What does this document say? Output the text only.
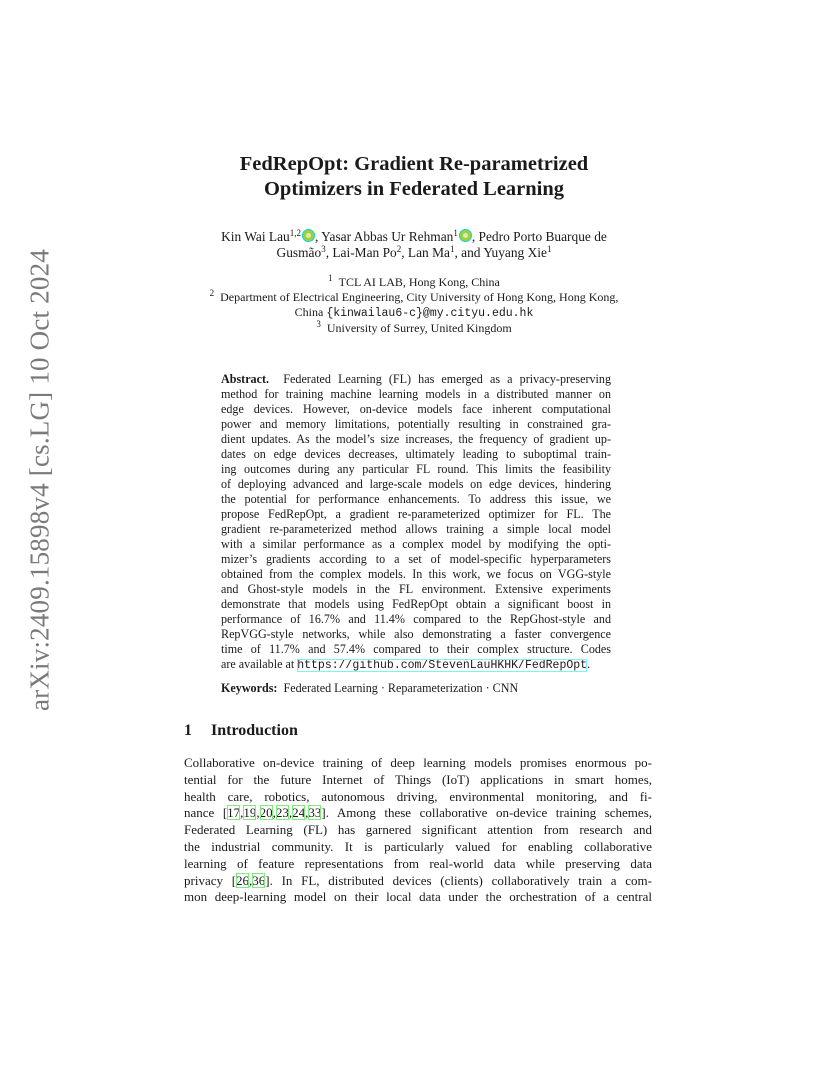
arXiv:2409.15898v4 [cs.LG] 10 Oct 2024
FedRepOpt: Gradient Re-parametrized
Optimizers in Federated Learning
Kin Wai Lau$^{1,2}$ , Yasar Abbas Ur Rehman$^1$ , Pedro Porto Buarque de
Gusmão$^3$, Lai-Man Po$^2$, Lan Ma$^1$, and Yuyang Xie$^1$
$^1$ TCL AI LAB, Hong Kong, China
$^2$ Department of Electrical Engineering, City University of Hong Kong, Hong Kong,
China {kinwailau6-c}@my.cityu.edu.hk
$^3$ University of Surrey, United Kingdom
Abstract. Federated Learning (FL) has emerged as a privacy-preserving
method for training machine learning models in a distributed manner on
edge devices. However, on-device models face inherent computational
power and memory limitations, potentially resulting in constrained gra-
dient updates. As the model’s size increases, the frequency of gradient up-
dates on edge devices decreases, ultimately leading to suboptimal train-
ing outcomes during any particular FL round. This limits the feasibility
of deploying advanced and large-scale models on edge devices, hindering
the potential for performance enhancements. To address this issue, we
propose FedRepOpt, a gradient re-parameterized optimizer for FL. The
gradient re-parameterized method allows training a simple local model
with a similar performance as a complex model by modifying the opti-
mizer’s gradients according to a set of model-specific hyperparameters
obtained from the complex models. In this work, we focus on VGG-style
and Ghost-style models in the FL environment. Extensive experiments
demonstrate that models using FedRepOpt obtain a significant boost in
performance of 16.7% and 11.4% compared to the RepGhost-style and
RepVGG-style networks, while also demonstrating a faster convergence
time of 11.7% and 57.4% compared to their complex structure. Codes
are available at https://github.com/StevenLauHKHK/FedRepOpt.
Keywords: Federated Learning · Reparameterization · CNN
1 Introduction
Collaborative on-device training of deep learning models promises enormous po-
tential for the future Internet of Things (IoT) applications in smart homes,
health care, robotics, autonomous driving, environmental monitoring, and fi-
nance [17,19,20,23,24,33]. Among these collaborative on-device training schemes,
Federated Learning (FL) has garnered significant attention from research and
the industrial community. It is particularly valued for enabling collaborative
learning of feature representations from real-world data while preserving data
privacy [26,36]. In FL, distributed devices (clients) collaboratively train a com-
mon deep-learning model on their local data under the orchestration of a central
